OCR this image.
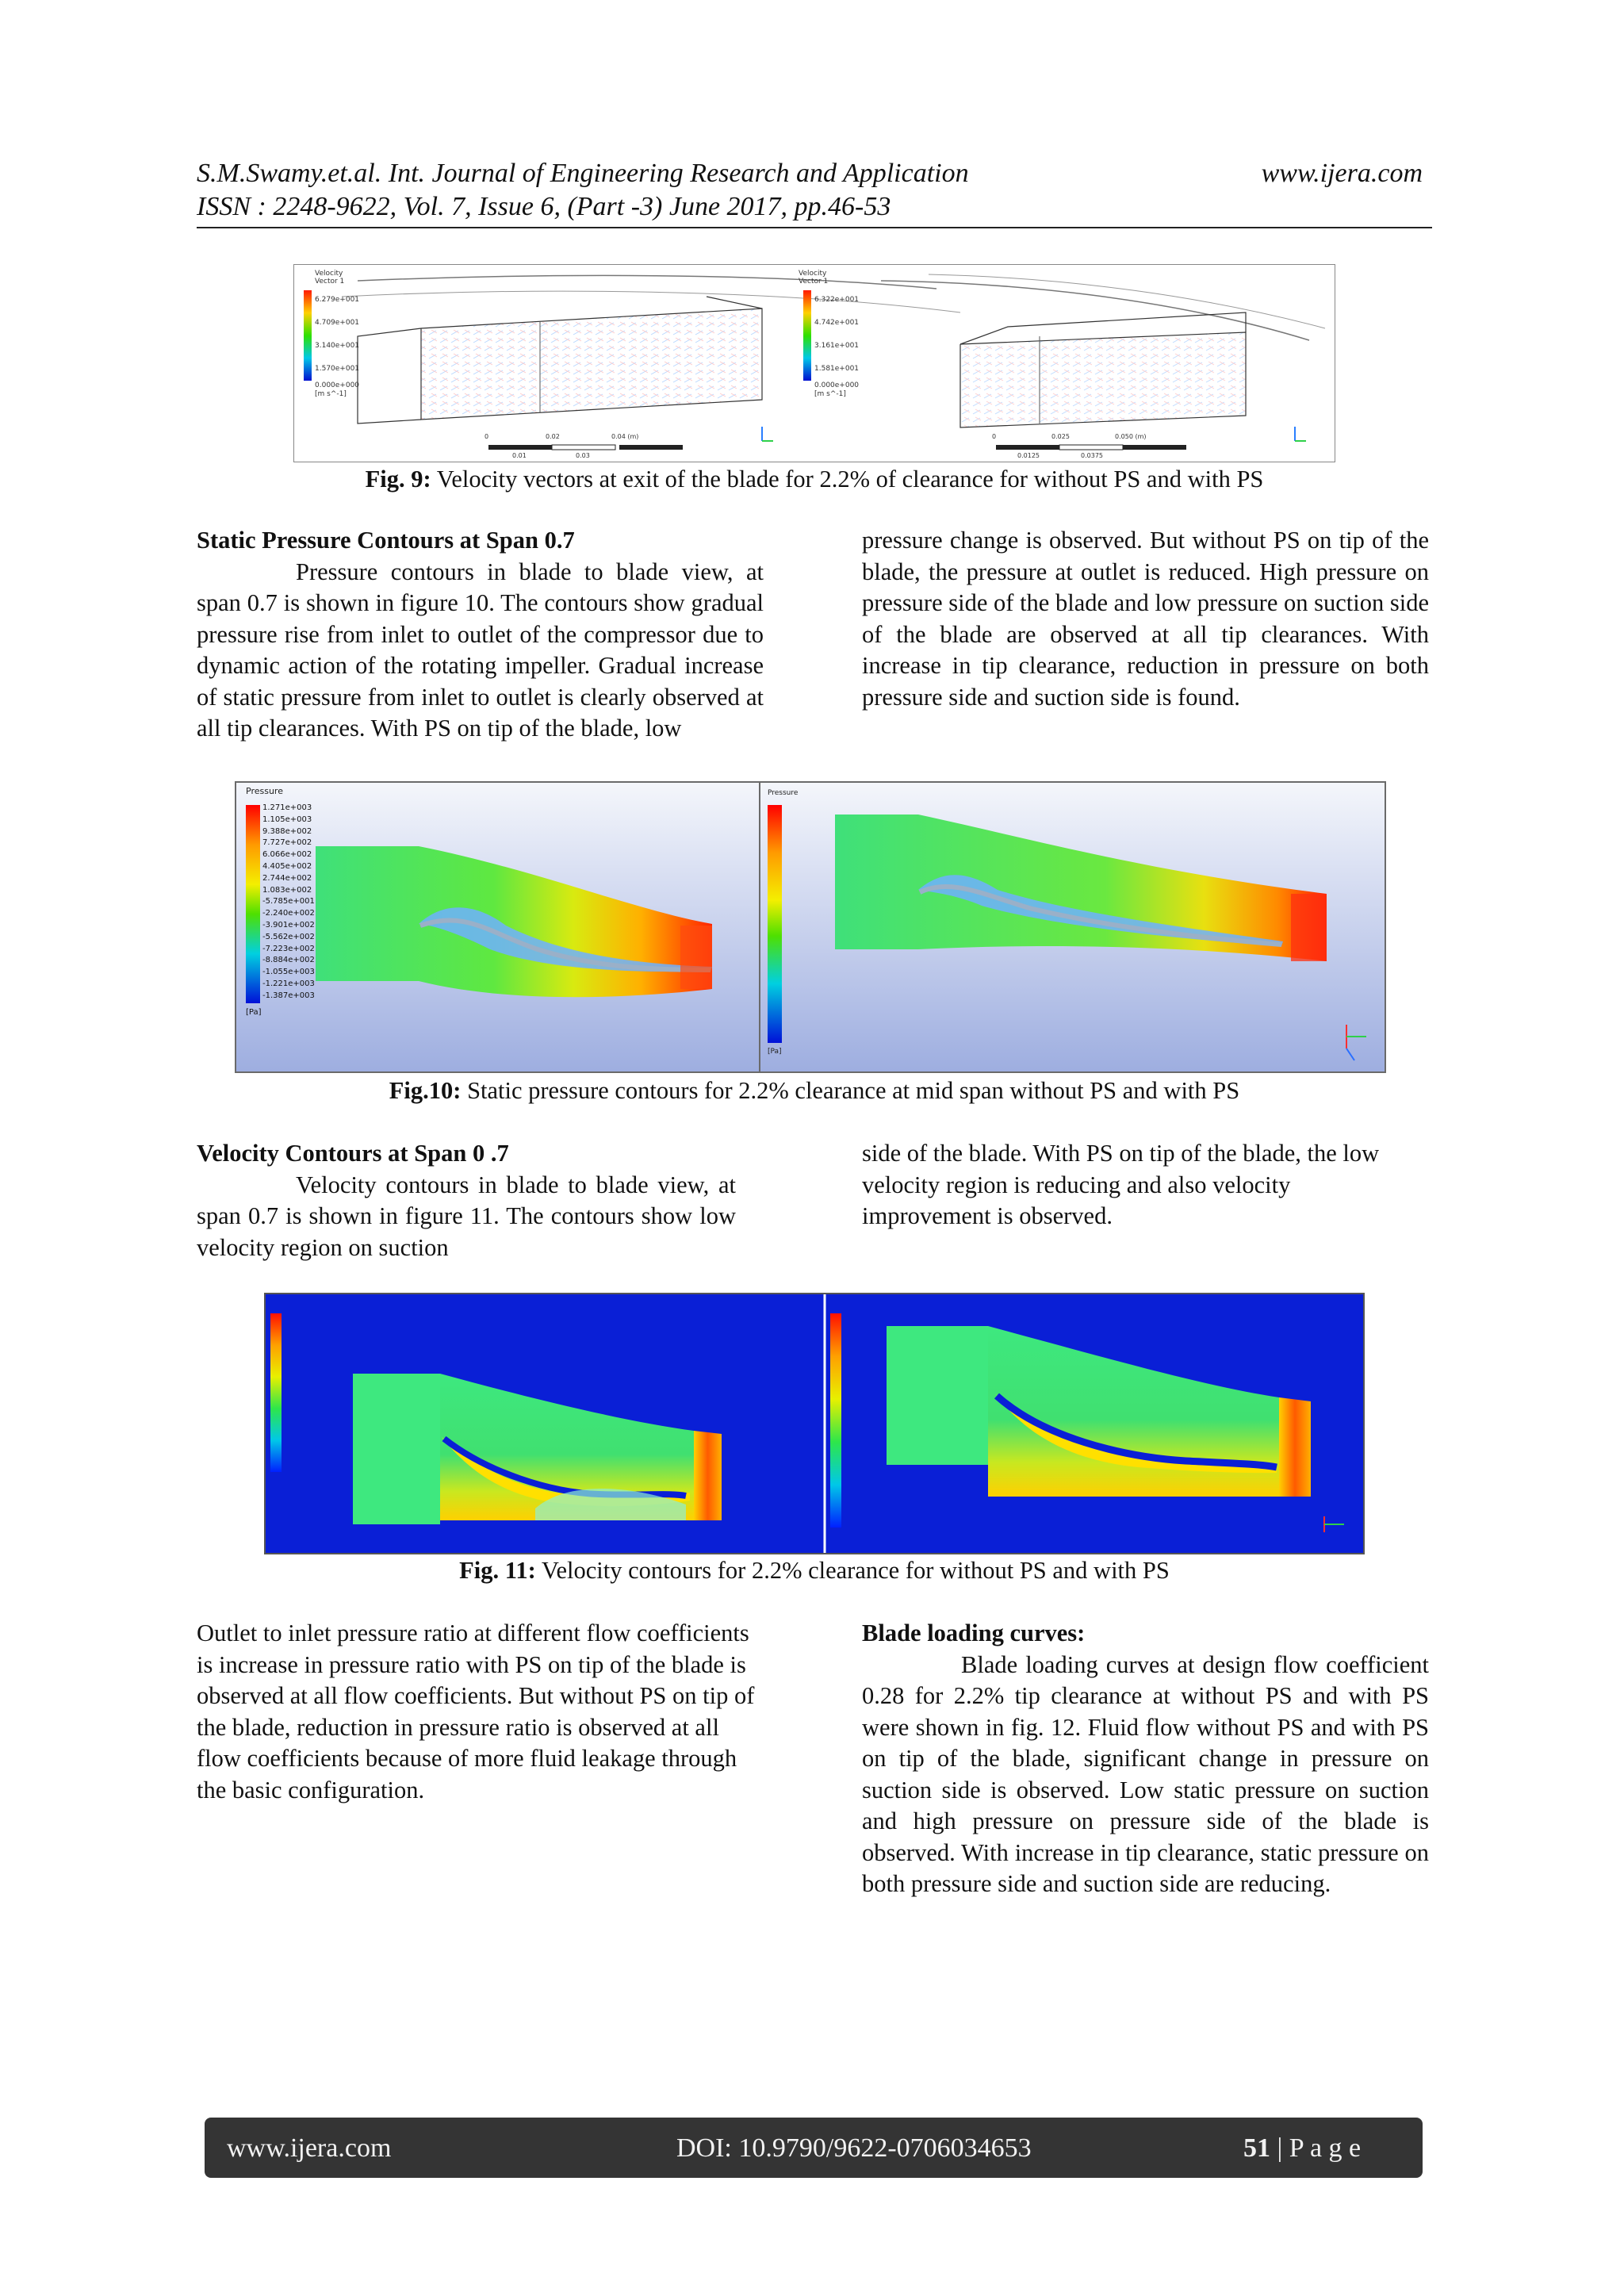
S.M.Swamy.et.al. Int. Journal of Engineering Research and Application	www.ijera.com
ISSN : 2248-9622, Vol. 7, Issue 6, (Part -3) June 2017, pp.46-53
Velocity
Vector 1
6.279e+001
4.709e+001
3.140e+001
1.570e+001
0.000e+000
[m s^-1]
0	0.02	0.04 (m)
0.01	0.03
Velocity
Vector 1
6.322e+001
4.742e+001
3.161e+001
1.581e+001
0.000e+000
[m s^-1]
0	0.025	0.050 (m)
0.0125	0.0375
Fig. 9: Velocity vectors at exit of the blade for 2.2% of clearance for without PS and with PS

Static Pressure Contours at Span 0.7

Pressure contours in blade to blade view, at span 0.7 is shown in figure 10. The contours show gradual pressure rise from inlet to outlet of the compressor due to dynamic action of the rotating impeller. Gradual increase of static pressure from inlet to outlet is clearly observed at all tip clearances. With PS on tip of the blade, low

pressure change is observed. But without PS on tip of the blade, the pressure at outlet is reduced. High pressure on pressure side of the blade and low pressure on suction side of the blade are observed at all tip clearances. With increase in tip clearance, reduction in pressure on both pressure side and suction side is found.

Pressure
1.271e+003
1.105e+003
9.388e+002
7.727e+002
6.066e+002
4.405e+002
2.744e+002
1.083e+002
-5.785e+001
-2.240e+002
-3.901e+002
-5.562e+002
-7.223e+002
-8.884e+002
-1.055e+003
-1.221e+003
-1.387e+003
[Pa]
Pressure
[Pa]
Fig.10: Static pressure contours for 2.2% clearance at mid span without PS and with PS

Velocity Contours at Span 0 .7

Velocity contours in blade to blade view, at span 0.7 is shown in figure 11. The contours show low velocity region on suction

side of the blade. With PS on tip of the blade, the low velocity region is reducing and also velocity improvement is observed.

Fig. 11: Velocity contours for 2.2% clearance for without PS and with PS

Outlet to inlet pressure ratio at different flow coefficients is increase in pressure ratio with PS on tip of the blade is observed at all flow coefficients. But without PS on tip of the blade, reduction in pressure ratio is observed at all flow coefficients because of more fluid leakage through the basic configuration.

Blade loading curves:

Blade loading curves at design flow coefficient 0.28 for 2.2% tip clearance at without PS and with PS were shown in fig. 12. Fluid flow without PS and with PS on tip of the blade, significant change in pressure on suction side is observed. Low static pressure on suction and high pressure on pressure side of the blade is observed. With increase in tip clearance, static pressure on both pressure side and suction side are reducing.

www.ijera.com	DOI: 10.9790/9622-0706034653	51 | P a g e
